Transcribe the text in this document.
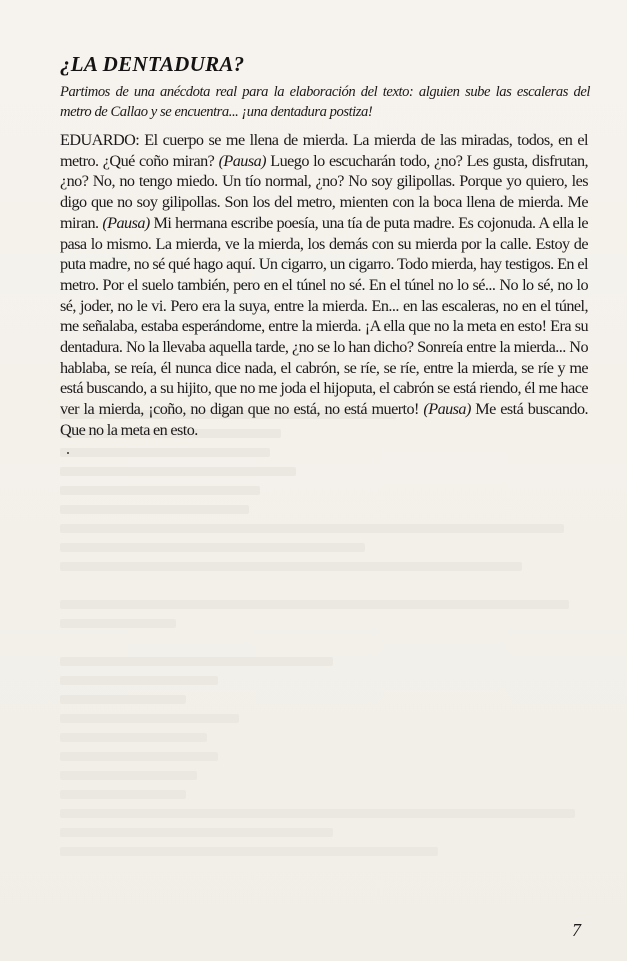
¿LA DENTADURA?

Partimos de una anécdota real para la elaboración del texto: alguien sube las escaleras del metro de Callao y se encuentra... ¡una dentadura postiza!

EDUARDO: El cuerpo se me llena de mierda. La mierda de las miradas, todos, en el metro. ¿Qué coño miran? (Pausa) Luego lo escucharán todo, ¿no? Les gusta, disfrutan, ¿no? No, no tengo miedo. Un tío normal, ¿no? No soy gilipollas. Porque yo quiero, les digo que no soy gilipollas. Son los del metro, mienten con la boca llena de mierda. Me miran. (Pausa) Mi hermana escribe poesía, una tía de puta madre. Es cojonuda. A ella le pasa lo mismo. La mierda, ve la mierda, los demás con su mierda por la calle. Estoy de puta madre, no sé qué hago aquí. Un cigarro, un cigarro. Todo mierda, hay testigos. En el metro. Por el suelo también, pero en el túnel no sé. En el túnel no lo sé... No lo sé, no lo sé, joder, no le vi. Pero era la suya, entre la mierda. En... en las escaleras, no en el túnel, me señalaba, estaba esperándome, entre la mierda. ¡A ella que no la meta en esto! Era su dentadura. No la llevaba aquella tarde, ¿no se lo han dicho? Sonreía entre la mierda... No hablaba, se reía, él nunca dice nada, el cabrón, se ríe, se ríe, entre la mierda, se ríe y me está buscando, a su hijito, que no me joda el hijoputa, el cabrón se está riendo, él me hace ver la mierda, ¡coño, no digan que no está, no está muerto! (Pausa) Me está buscando. Que no la meta en esto.

7
